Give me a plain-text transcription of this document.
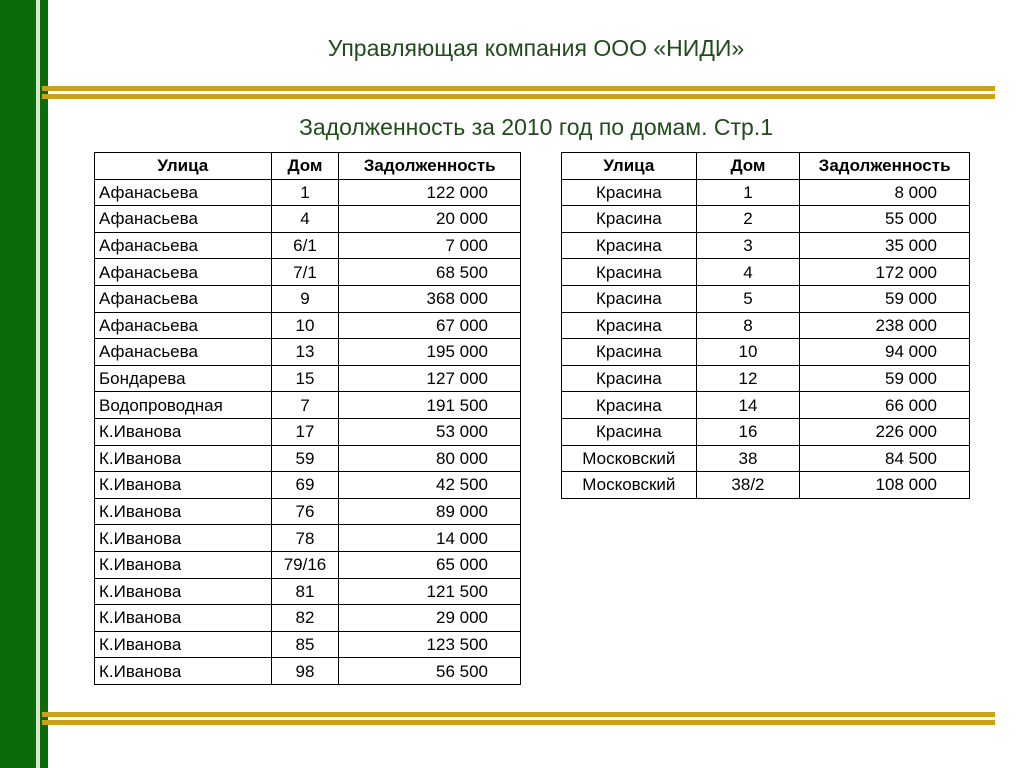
Управляющая компания ООО «НИДИ»
Задолженность за 2010 год по домам. Стр.1
Улица	Дом	Задолженность
Афанасьева	1	122 000
Афанасьева	4	20 000
Афанасьева	6/1	7 000
Афанасьева	7/1	68 500
Афанасьева	9	368 000
Афанасьева	10	67 000
Афанасьева	13	195 000
Бондарева	15	127 000
Водопроводная	7	191 500
К.Иванова	17	53 000
К.Иванова	59	80 000
К.Иванова	69	42 500
К.Иванова	76	89 000
К.Иванова	78	14 000
К.Иванова	79/16	65 000
К.Иванова	81	121 500
К.Иванова	82	29 000
К.Иванова	85	123 500
К.Иванова	98	56 500
Улица	Дом	Задолженность
Красина	1	8 000
Красина	2	55 000
Красина	3	35 000
Красина	4	172 000
Красина	5	59 000
Красина	8	238 000
Красина	10	94 000
Красина	12	59 000
Красина	14	66 000
Красина	16	226 000
Московский	38	84 500
Московский	38/2	108 000
